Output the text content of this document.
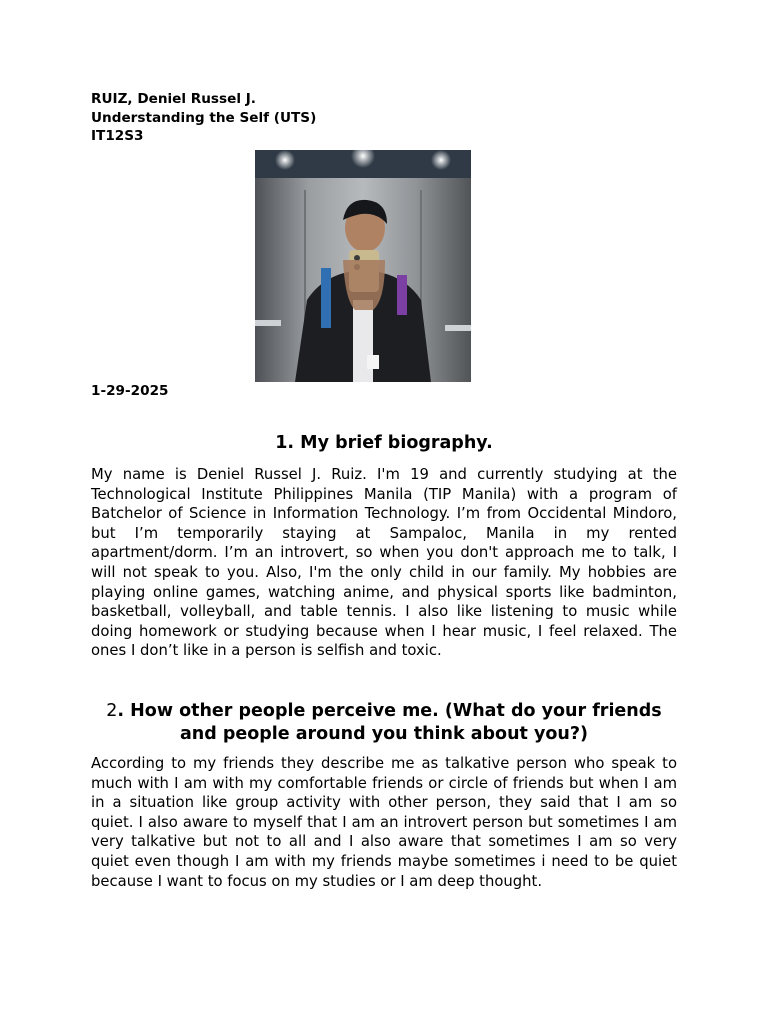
RUIZ, Deniel Russel J.
Understanding the Self (UTS)
IT12S3
1-29-2025
1. My brief biography.

My name is Deniel Russel J. Ruiz. I'm 19 and currently studying at the Technological Institute Philippines Manila (TIP Manila) with a program of Batchelor of Science in Information Technology. I’m from Occidental Mindoro, but I’m temporarily staying at Sampaloc, Manila in my rented apartment/dorm. I’m an introvert, so when you don't approach me to talk, I will not speak to you. Also, I'm the only child in our family. My hobbies are playing online games, watching anime, and physical sports like badminton, basketball, volleyball, and table tennis. I also like listening to music while doing homework or studying because when I hear music, I feel relaxed. The ones I don’t like in a person is selfish and toxic.

2. How other people perceive me. (What do your friends and people around you think about you?)

According to my friends they describe me as talkative person who speak to much with I am with my comfortable friends or circle of friends but when I am in a situation like group activity with other person, they said that I am so quiet. I also aware to myself that I am an introvert person but sometimes I am very talkative but not to all and I also aware that sometimes I am so very quiet even though I am with my friends maybe sometimes i need to be quiet because I want to focus on my studies or I am deep thought.
